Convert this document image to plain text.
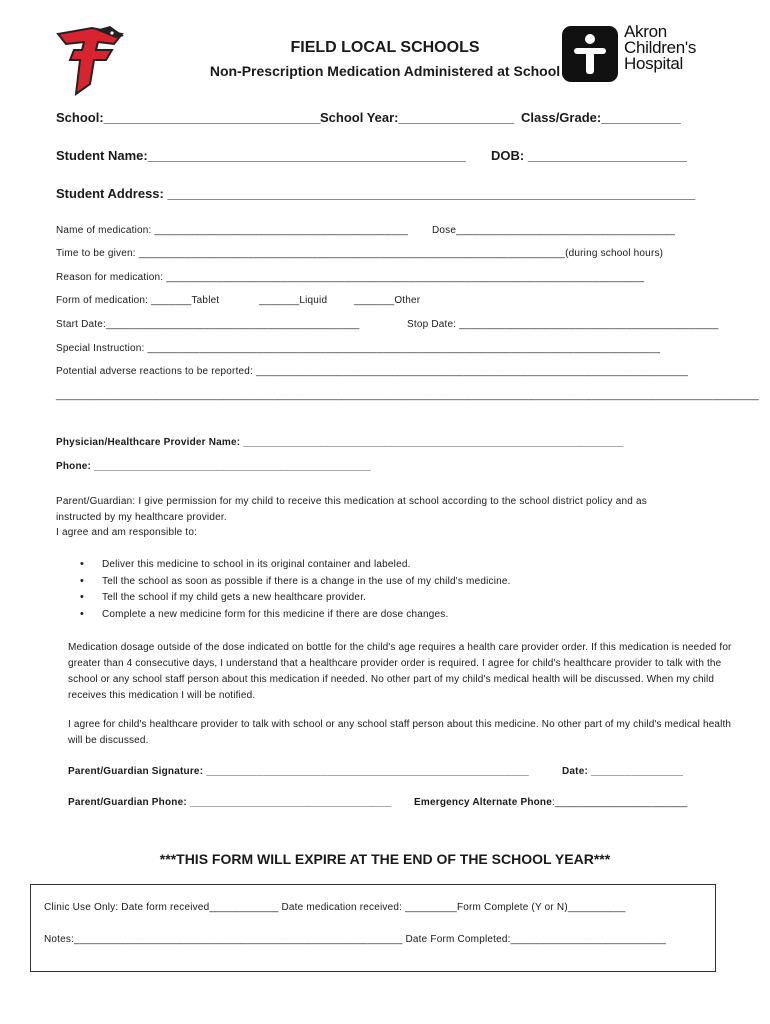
Akron
Children's
Hospital
FIELD LOCAL SCHOOLS
Non-Prescription Medication Administered at School
School:______________________________ School Year:________________ Class/Grade:___________
Student Name:____________________________________________ DOB: ______________________
Student Address: _________________________________________________________________________
Name of medication: ____________________________________________ Dose______________________________________
Time to be given: __________________________________________________________________________(during school hours)
Reason for medication: ___________________________________________________________________________________
Form of medication: _______Tablet	_______Liquid	_______Other
Start Date:____________________________________________	Stop Date: _____________________________________________
Special Instruction: _________________________________________________________________________________________
Potential adverse reactions to be reported: ___________________________________________________________________________
__________________________________________________________________________________________________________________________
Physician/Healthcare Provider Name: __________________________________________________________________
Phone: ________________________________________________
Parent/Guardian: I give permission for my child to receive this medication at school according to the school district policy and as
instructed by my healthcare provider.
I agree and am responsible to:
• Deliver this medicine to school in its original container and labeled.
• Tell the school as soon as possible if there is a change in the use of my child's medicine.
• Tell the school if my child gets a new healthcare provider.
• Complete a new medicine form for this medicine if there are dose changes.
Medication dosage outside of the dose indicated on bottle for the child's age requires a health care provider order. If this medication is needed for greater than 4 consecutive days, I understand that a healthcare provider order is required. I agree for child's healthcare provider to talk with the school or any school staff person about this medication if needed. No other part of my child's medical health will be discussed. When my child receives this medication I will be notified.
I agree for child's healthcare provider to talk with school or any school staff person about this medicine. No other part of my child's medical health will be discussed.
Parent/Guardian Signature: ________________________________________________________	Date: ________________
Parent/Guardian Phone: ___________________________________ Emergency Alternate Phone:_______________________
***THIS FORM WILL EXPIRE AT THE END OF THE SCHOOL YEAR***
Clinic Use Only: Date form received____________ Date medication received: _________Form Complete (Y or N)__________
Notes:_________________________________________________________ Date Form Completed:___________________________
